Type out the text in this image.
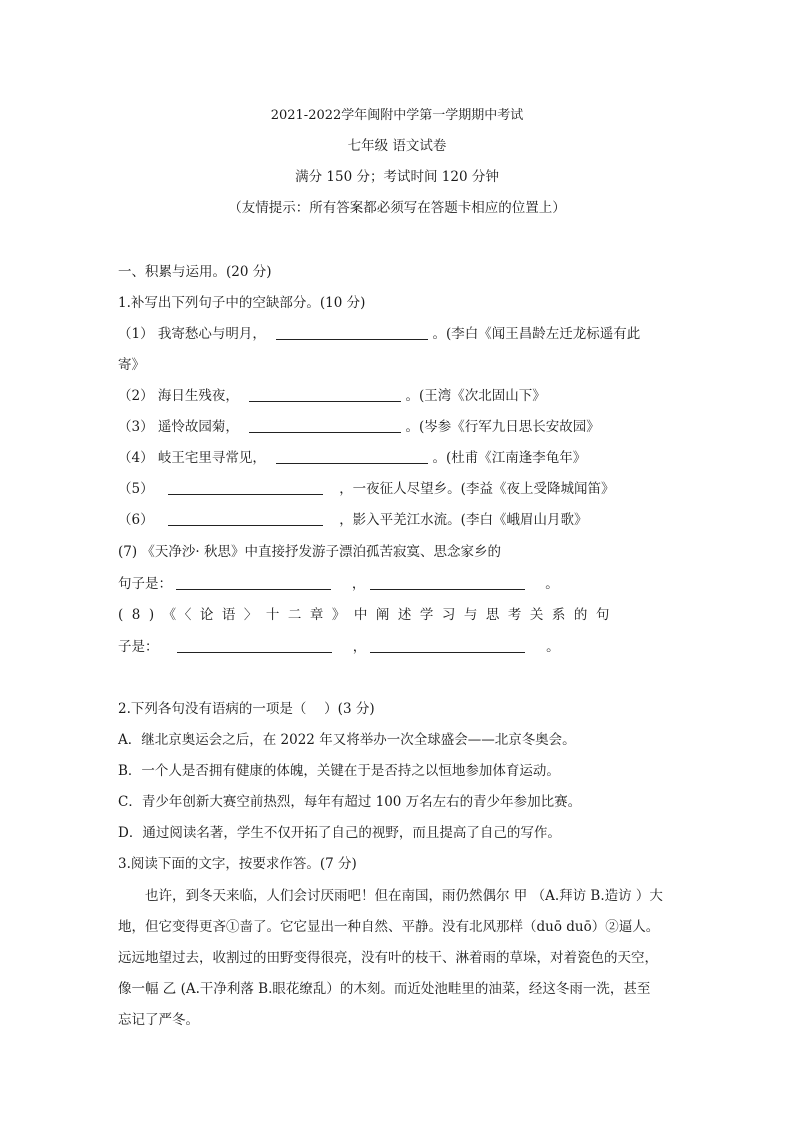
2021-2022学年闽附中学第一学期期中考试
七年级 语文试卷
满分 150 分；考试时间 120 分钟
（友情提示：所有答案都必须写在答题卡相应的位置上）
一、积累与运用。(20 分)
1.补写出下列句子中的空缺部分。(10 分)
（1） 我寄愁心与明月，	。(李白《闻王昌龄左迁龙标遥有此
寄》
（2） 海日生残夜，	。(王湾《次北固山下》
（3） 遥怜故园菊，	。(岑参《行军九日思长安故园》
（4） 岐王宅里寻常见，	。(杜甫《江南逢李龟年》
（5）	，一夜征人尽望乡。(李益《夜上受降城闻笛》
（6）	，影入平羌江水流。(李白《峨眉山月歌》
(7) 《天净沙· 秋思》中直接抒发游子漂泊孤苦寂寞、思念家乡的
句子是：	，	。
(8)《〈论语〉十二章》中阐述学习与思考关系的句
子是：	，	。
2.下列各句没有语病的一项是（　 ）(3 分)
A．继北京奥运会之后，在 2022 年又将举办一次全球盛会——北京冬奥会。
B．一个人是否拥有健康的体魄，关键在于是否持之以恒地参加体育运动。
C．青少年创新大赛空前热烈，每年有超过 100 万名左右的青少年参加比赛。
D．通过阅读名著，学生不仅开拓了自己的视野，而且提高了自己的写作。
3.阅读下面的文字，按要求作答。(7 分)
　　也许，到冬天来临，人们会讨厌雨吧！但在南国，雨仍然偶尔 甲 （A.拜访 B.造访 ）大
地，但它变得更吝①啬了。它它显出一种自然、平静。没有北风那样（duō duō）②逼人。
远远地望过去，收割过的田野变得很亮，没有叶的枝干、淋着雨的草垛，对着瓷色的天空，
像一幅 乙 (A.干净利落 B.眼花缭乱）的木刻。而近处池畦里的油菜，经这冬雨一洗，甚至
忘记了严冬。
